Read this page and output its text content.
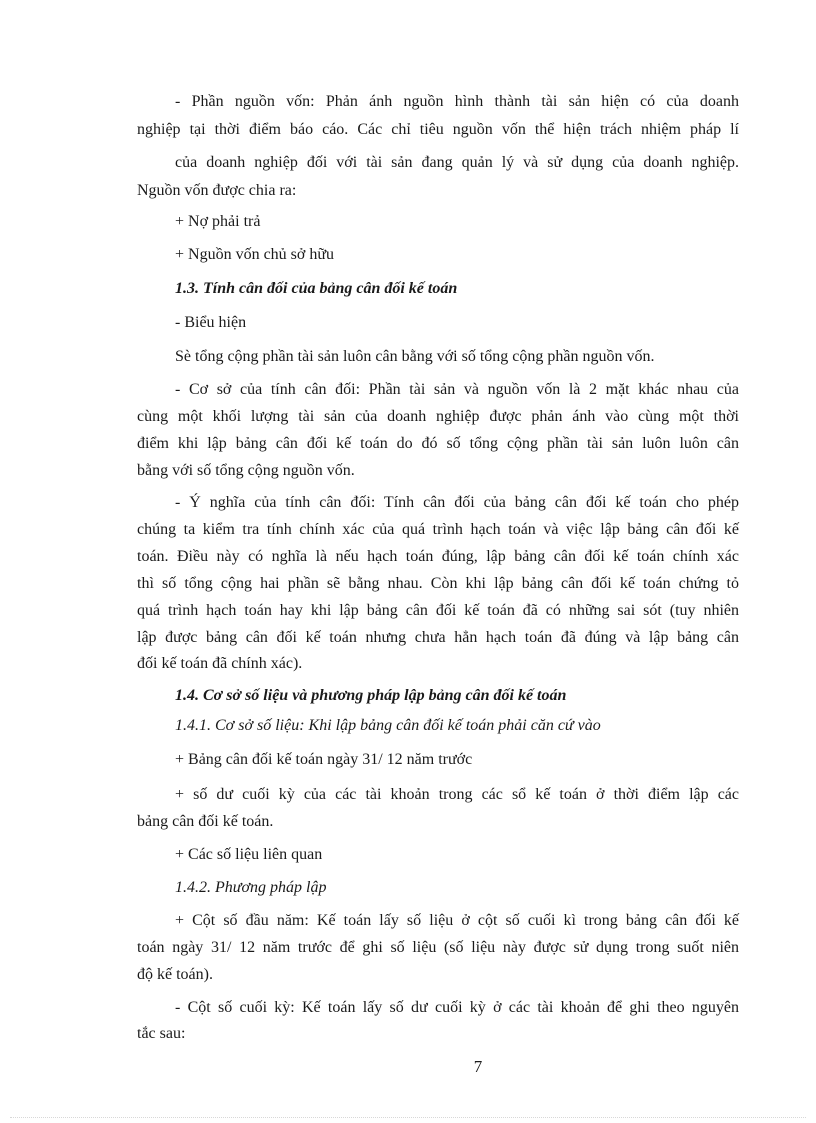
- Phần nguồn vốn: Phản ánh nguồn hình thành tài sản hiện có của doanh

nghiệp tại thời điểm báo cáo. Các chỉ tiêu nguồn vốn thể hiện trách nhiệm pháp lí

của doanh nghiệp đối với tài sản đang quản lý và sử dụng của doanh nghiệp.

Nguồn vốn được chia ra:

+ Nợ phải trả

+ Nguồn vốn chủ sở hữu

1.3. Tính cân đối của bảng cân đối kế toán

- Biểu hiện

Sè tổng cộng phần tài sản luôn cân bằng với số tổng cộng phần nguồn vốn.

- Cơ sở của tính cân đối: Phần tài sản và nguồn vốn là 2 mặt khác nhau của

cùng một khối lượng tài sản của doanh nghiệp được phản ánh vào cùng một thời

điểm khi lập bảng cân đối kế toán do đó số tổng cộng phần tài sản luôn luôn cân

bằng với số tổng cộng nguồn vốn.

- Ý nghĩa của tính cân đối: Tính cân đối của bảng cân đối kế toán cho phép

chúng ta kiểm tra tính chính xác của quá trình hạch toán và việc lập bảng cân đối kế

toán. Điều này có nghĩa là nếu hạch toán đúng, lập bảng cân đối kế toán chính xác

thì số tổng cộng hai phần sẽ bằng nhau. Còn khi lập bảng cân đối kế toán chứng tỏ

quá trình hạch toán hay khi lập bảng cân đối kế toán đã có những sai sót (tuy nhiên

lập được bảng cân đối kế toán nhưng chưa hẳn hạch toán đã đúng và lập bảng cân

đối kế toán đã chính xác).

1.4. Cơ sở số liệu và phương pháp lập bảng cân đối kế toán

1.4.1. Cơ sở số liệu: Khi lập bảng cân đối kế toán phải căn cứ vào

+ Bảng cân đối kế toán ngày 31/ 12 năm trước

+ số dư cuối kỳ của các tài khoản trong các sổ kế toán ở thời điểm lập các

bảng cân đối kế toán.

+ Các số liệu liên quan

1.4.2. Phương pháp lập

+ Cột số đầu năm: Kế toán lấy số liệu ở cột số cuối kì trong bảng cân đối kế

toán ngày 31/ 12 năm trước để ghi số liệu (số liệu này được sử dụng trong suốt niên

độ kế toán).

- Cột số cuối kỳ: Kế toán lấy số dư cuối kỳ ở các tài khoản để ghi theo nguyên

tắc sau:

7
